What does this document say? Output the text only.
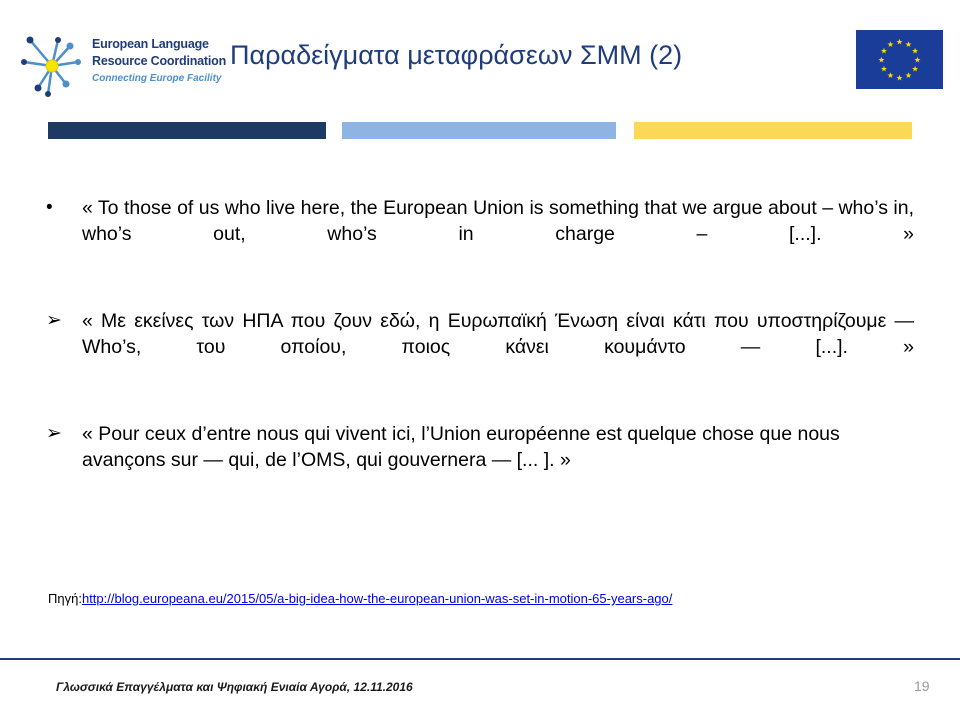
European Language
Resource Coordination
Connecting Europe Facility
Παραδείγματα μεταφράσεων ΣΜΜ (2)	★ ★
★
★
★
★
★
★
★
★
★
★
• « To those of us who live here, the European Union is something that we argue about – who’s in, who’s out, who’s in charge – [...]. »
➢ « Με εκείνες των ΗΠΑ που ζουν εδώ, η Ευρωπαϊκή Ένωση είναι κάτι που υποστηρίζουμε — Who’s, του οποίου, ποιος κάνει κουμάντο — [...]. »
➢ « Pour ceux d’entre nous qui vivent ici, l’Union européenne est quelque chose que nous avançons sur — qui, de l’OMS, qui gouvernera — [... ]. »
Πηγή:http://blog.europeana.eu/2015/05/a-big-idea-how-the-european-union-was-set-in-motion-65-years-ago/
Γλωσσικά Επαγγέλματα και Ψηφιακή Ενιαία Αγορά, 12.11.2016	19
